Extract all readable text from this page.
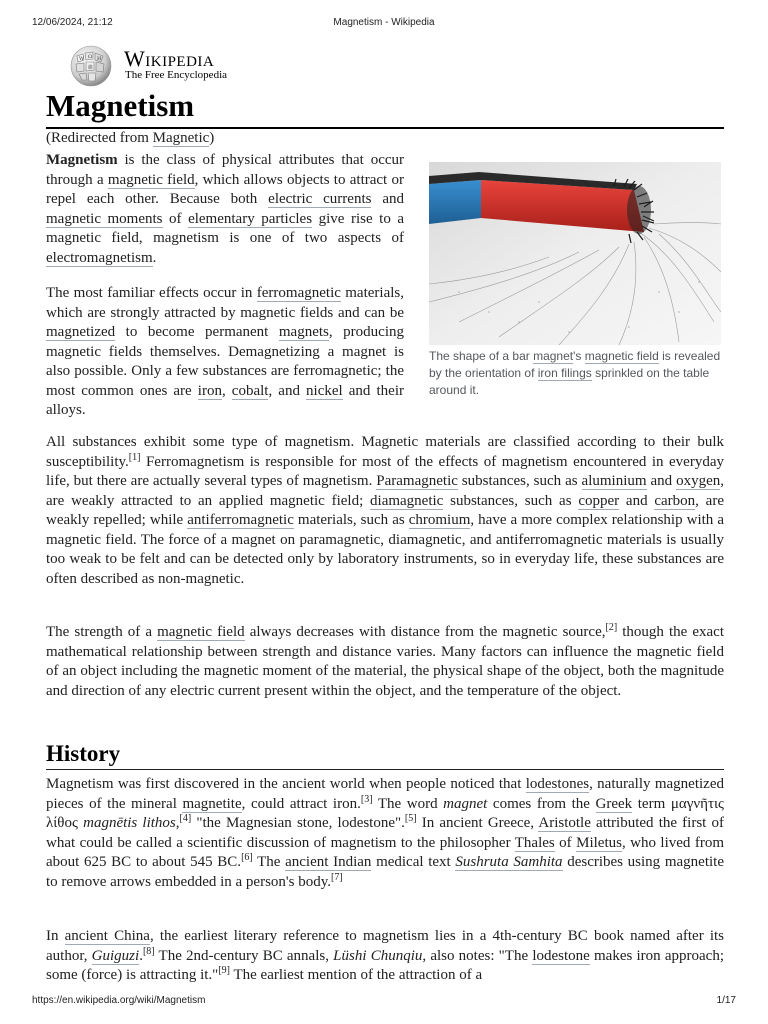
12/06/2024, 21:12	Magnetism - Wikipedia
W Ω И
維 Wikipedia
The Free Encyclopedia
Magnetism
(Redirected from Magnetic)

Magnetism is the class of physical attributes that occur through a magnetic field, which allows objects to attract or repel each other. Because both electric currents and magnetic moments of elementary particles give rise to a magnetic field, magnetism is one of two aspects of electromagnetism.

The most familiar effects occur in ferromagnetic materials, which are strongly attracted by magnetic fields and can be magnetized to become permanent magnets, producing magnetic fields themselves. Demagnetizing a magnet is also possible. Only a few substances are ferromagnetic; the most common ones are iron, cobalt, and nickel and their alloys.

The shape of a bar magnet's magnetic field is revealed by the orientation of iron filings sprinkled on the table around it.
All substances exhibit some type of magnetism. Magnetic materials are classified according to their bulk susceptibility.[1] Ferromagnetism is responsible for most of the effects of magnetism encountered in everyday life, but there are actually several types of magnetism. Paramagnetic substances, such as aluminium and oxygen, are weakly attracted to an applied magnetic field; diamagnetic substances, such as copper and carbon, are weakly repelled; while antiferromagnetic materials, such as chromium, have a more complex relationship with a magnetic field. The force of a magnet on paramagnetic, diamagnetic, and antiferromagnetic materials is usually too weak to be felt and can be detected only by laboratory instruments, so in everyday life, these substances are often described as non-magnetic.
The strength of a magnetic field always decreases with distance from the magnetic source,[2] though the exact mathematical relationship between strength and distance varies. Many factors can influence the magnetic field of an object including the magnetic moment of the material, the physical shape of the object, both the magnitude and direction of any electric current present within the object, and the temperature of the object.
History
Magnetism was first discovered in the ancient world when people noticed that lodestones, naturally magnetized pieces of the mineral magnetite, could attract iron.[3] The word magnet comes from the Greek term μαγνῆτις λίθος magnētis lithos,[4] "the Magnesian stone, lodestone".[5] In ancient Greece, Aristotle attributed the first of what could be called a scientific discussion of magnetism to the philosopher Thales of Miletus, who lived from about 625 BC to about 545 BC.[6] The ancient Indian medical text Sushruta Samhita describes using magnetite to remove arrows embedded in a person's body.[7]
In ancient China, the earliest literary reference to magnetism lies in a 4th-century BC book named after its author, Guiguzi.[8] The 2nd-century BC annals, Lüshi Chunqiu, also notes: "The lodestone makes iron approach; some (force) is attracting it."[9] The earliest mention of the attraction of a
https://en.wikipedia.org/wiki/Magnetism	1/17
